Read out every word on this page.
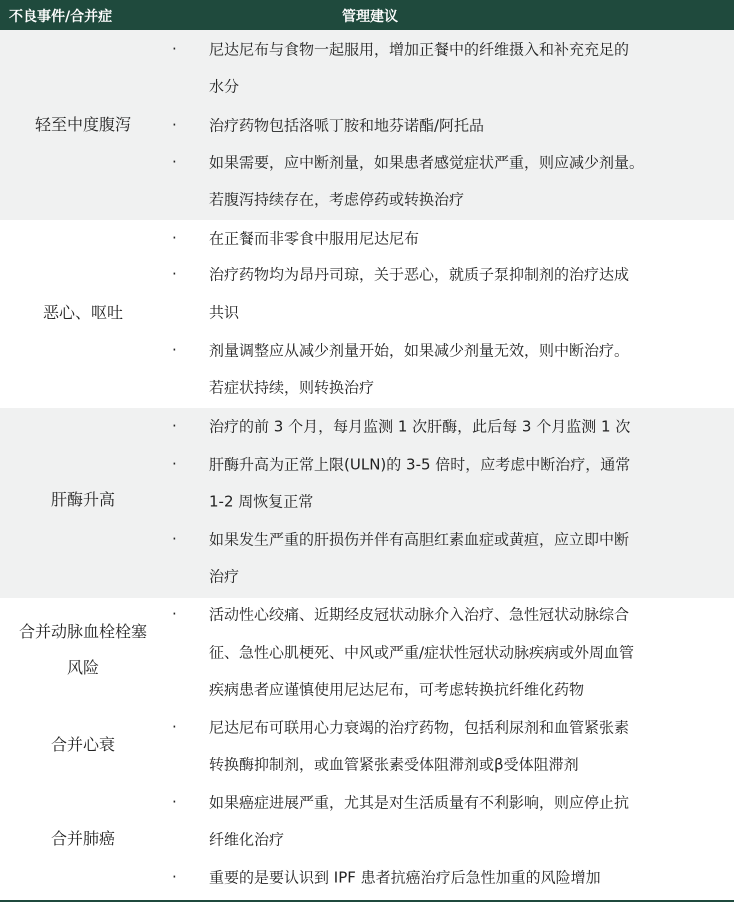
不良事件/合并症	管理建议
轻至中度腹泻
· 尼达尼布与食物一起服用，增加正餐中的纤维摄入和补充充足的
水分
· 治疗药物包括洛哌丁胺和地芬诺酯/阿托品
· 如果需要，应中断剂量，如果患者感觉症状严重，则应减少剂量。
若腹泻持续存在，考虑停药或转换治疗
恶心、呕吐
· 在正餐而非零食中服用尼达尼布
· 治疗药物均为昂丹司琼，关于恶心，就质子泵抑制剂的治疗达成
共识
· 剂量调整应从减少剂量开始，如果减少剂量无效，则中断治疗。
若症状持续，则转换治疗
肝酶升高
· 治疗的前 3 个月，每月监测 1 次肝酶，此后每 3 个月监测 1 次
· 肝酶升高为正常上限(ULN)的 3-5 倍时，应考虑中断治疗，通常
1-2 周恢复正常
· 如果发生严重的肝损伤并伴有高胆红素血症或黄疸，应立即中断
治疗
合并动脉血栓栓塞
风险
· 活动性心绞痛、近期经皮冠状动脉介入治疗、急性冠状动脉综合
征、急性心肌梗死、中风或严重/症状性冠状动脉疾病或外周血管
疾病患者应谨慎使用尼达尼布，可考虑转换抗纤维化药物
合并心衰
· 尼达尼布可联用心力衰竭的治疗药物，包括利尿剂和血管紧张素
转换酶抑制剂，或血管紧张素受体阻滞剂或β受体阻滞剂
合并肺癌
· 如果癌症进展严重，尤其是对生活质量有不利影响，则应停止抗
纤维化治疗
· 重要的是要认识到 IPF 患者抗癌治疗后急性加重的风险增加
